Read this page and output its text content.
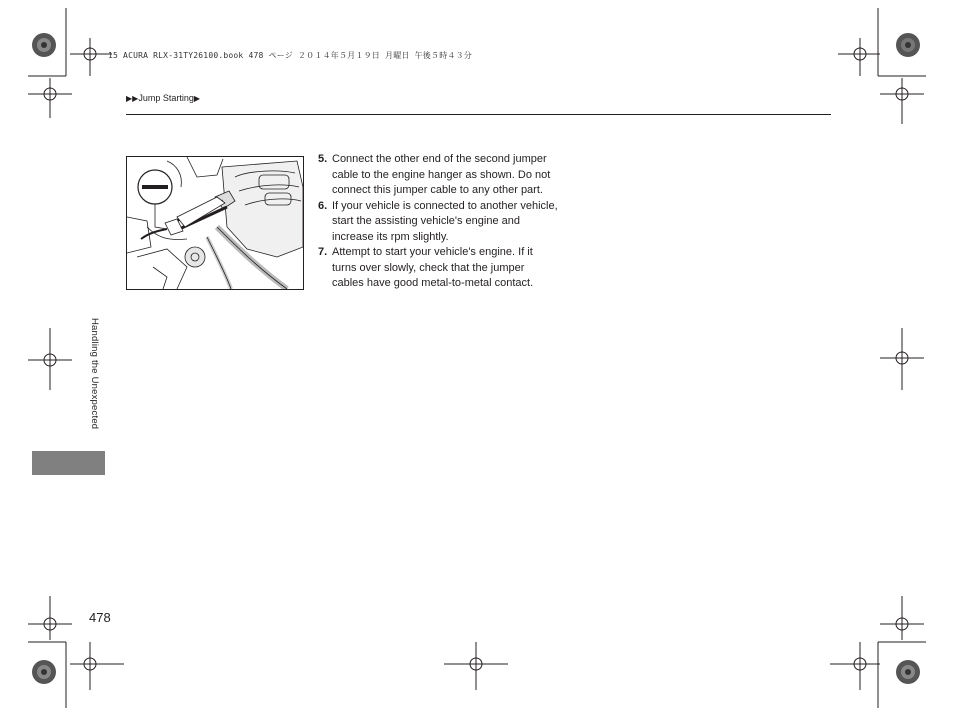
15 ACURA RLX-31TY26100.book 478 ページ ２０１４年５月１９日 月曜日 午後５時４３分
▶▶Jump Starting▶

5. Connect the other end of the second jumper cable to the engine hanger as shown. Do not connect this jumper cable to any other part.

6. If your vehicle is connected to another vehicle, start the assisting vehicle's engine and increase its rpm slightly.

7. Attempt to start your vehicle's engine. If it turns over slowly, check that the jumper cables have good metal-to-metal contact.

Handling the Unexpected
478
